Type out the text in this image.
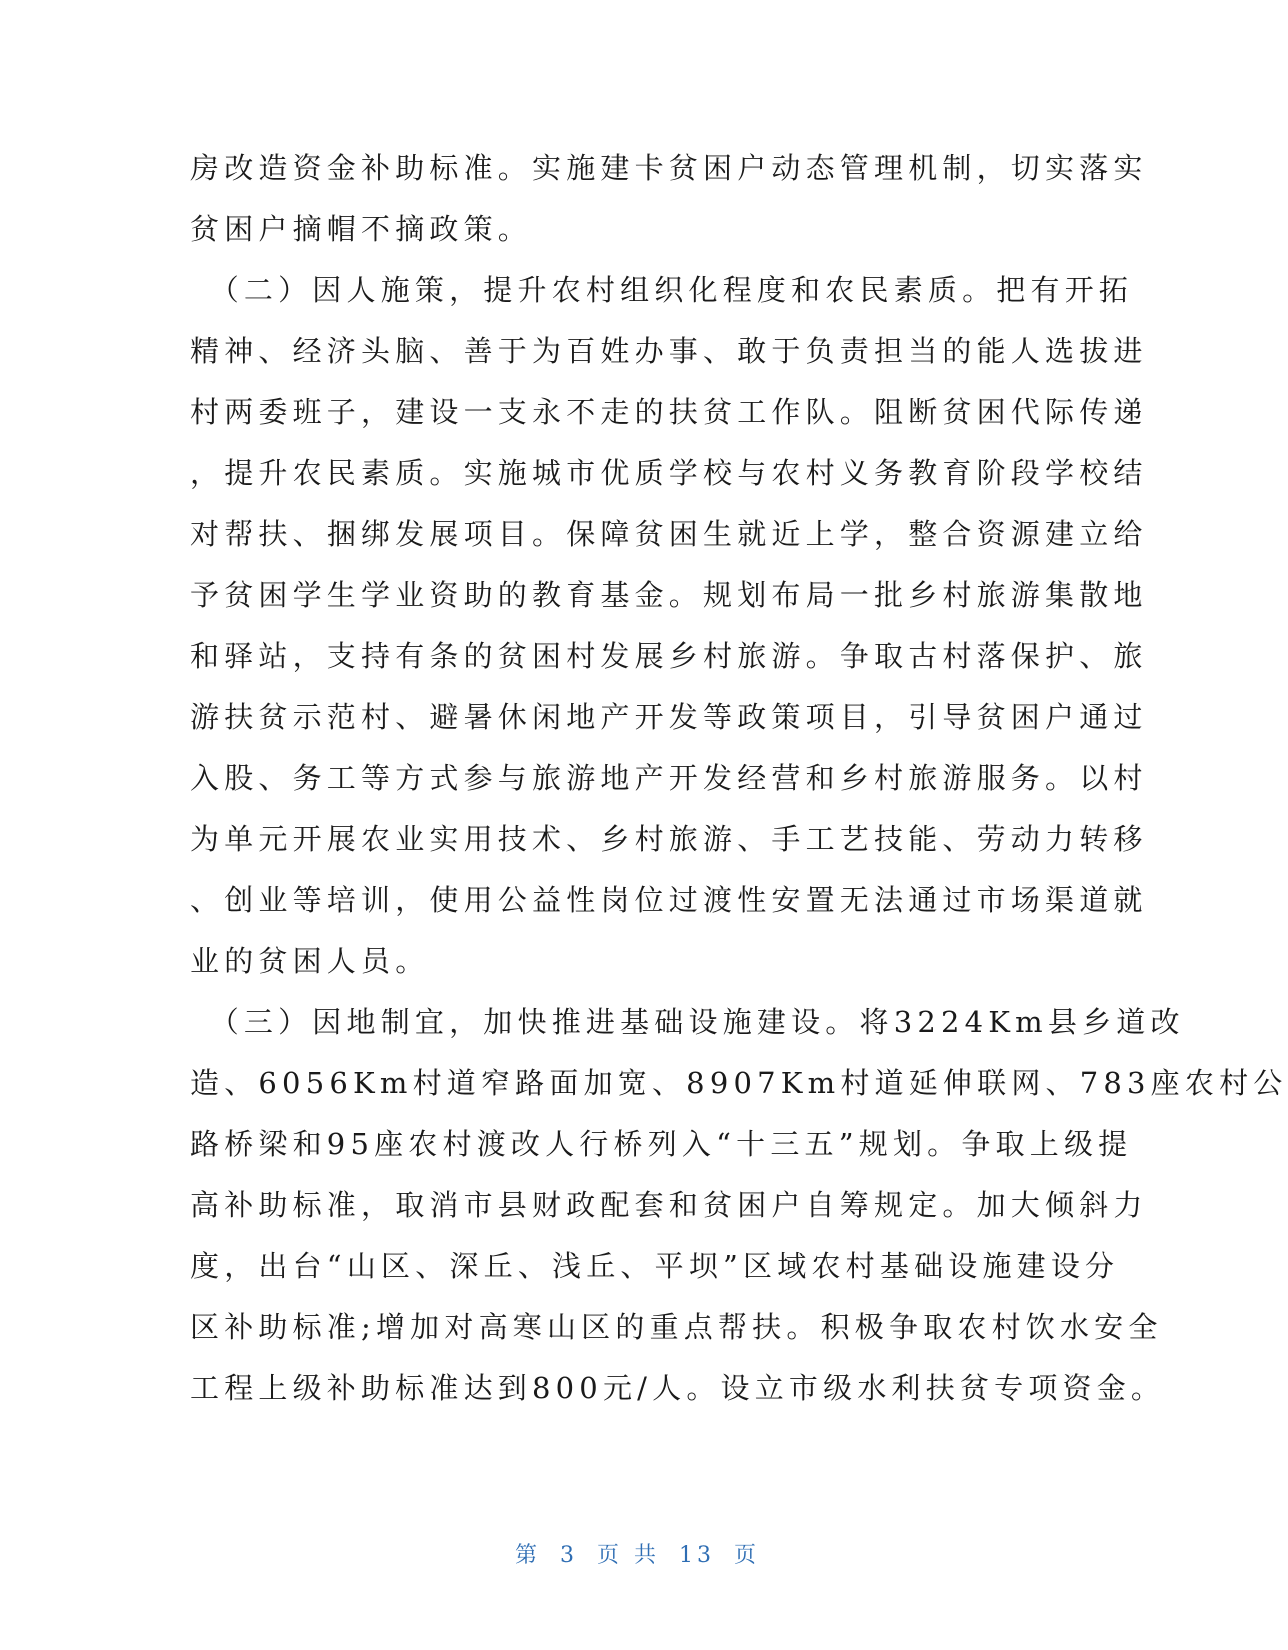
房改造资金补助标准。实施建卡贫困户动态管理机制，切实落实
贫困户摘帽不摘政策。
　（二）因人施策，提升农村组织化程度和农民素质。把有开拓
精神、经济头脑、善于为百姓办事、敢于负责担当的能人选拔进
村两委班子，建设一支永不走的扶贫工作队。阻断贫困代际传递
，提升农民素质。实施城市优质学校与农村义务教育阶段学校结
对帮扶、捆绑发展项目。保障贫困生就近上学，整合资源建立给
予贫困学生学业资助的教育基金。规划布局一批乡村旅游集散地
和驿站，支持有条的贫困村发展乡村旅游。争取古村落保护、旅
游扶贫示范村、避暑休闲地产开发等政策项目，引导贫困户通过
入股、务工等方式参与旅游地产开发经营和乡村旅游服务。以村
为单元开展农业实用技术、乡村旅游、手工艺技能、劳动力转移
、创业等培训，使用公益性岗位过渡性安置无法通过市场渠道就
业的贫困人员。
　（三）因地制宜，加快推进基础设施建设。将3224Km县乡道改
造、6056Km村道窄路面加宽、8907Km村道延伸联网、783座农村公
路桥梁和95座农村渡改人行桥列入“十三五”规划。争取上级提
高补助标准，取消市县财政配套和贫困户自筹规定。加大倾斜力
度，出台“山区、深丘、浅丘、平坝”区域农村基础设施建设分
区补助标准;增加对高寒山区的重点帮扶。积极争取农村饮水安全
工程上级补助标准达到800元/人。设立市级水利扶贫专项资金。
第 3 页 共 13 页
